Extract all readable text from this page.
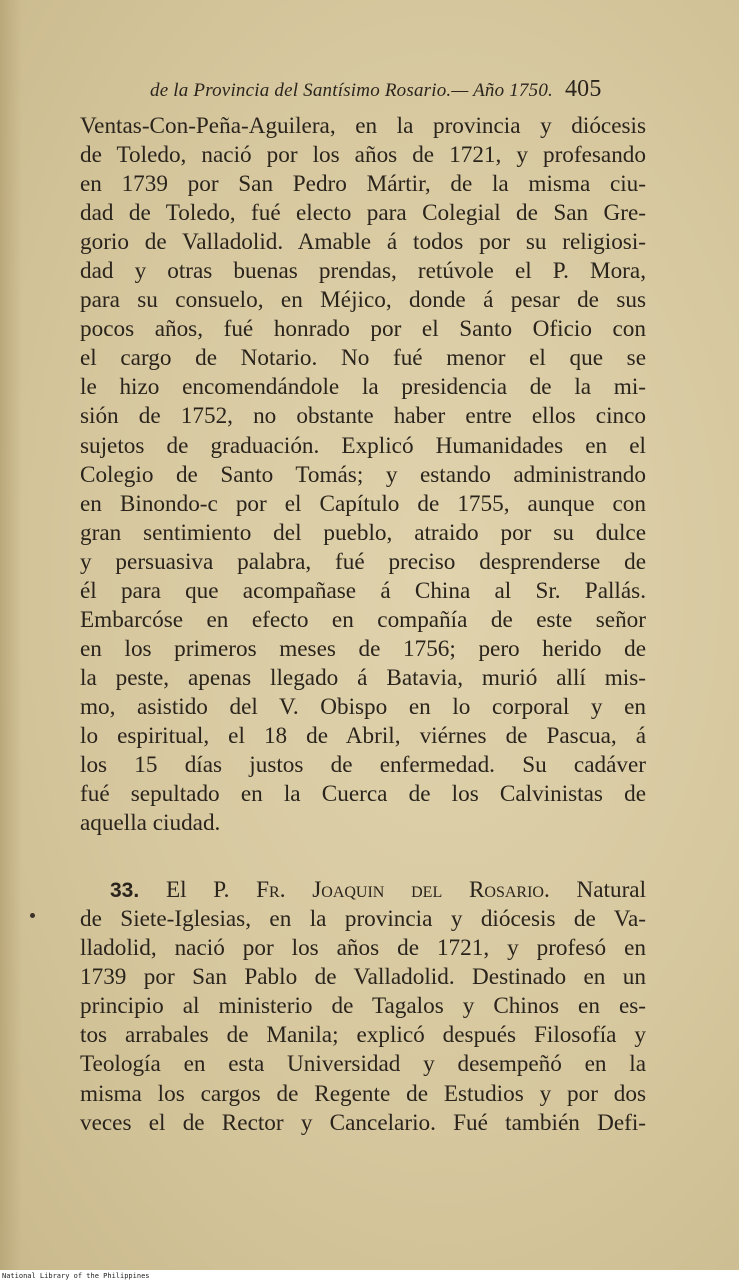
de la Provincia del Santísimo Rosario.— Año 1750. 405
Ventas-Con-Peña-Aguilera, en la provincia y diócesis
de Toledo, nació por los años de 1721, y profesando
en 1739 por San Pedro Mártir, de la misma ciu-
dad de Toledo, fué electo para Colegial de San Gre-
gorio de Valladolid. Amable á todos por su religiosi-
dad y otras buenas prendas, retúvole el P. Mora,
para su consuelo, en Méjico, donde á pesar de sus
pocos años, fué honrado por el Santo Oficio con
el cargo de Notario. No fué menor el que se
le hizo encomendándole la presidencia de la mi-
sión de 1752, no obstante haber entre ellos cinco
sujetos de graduación. Explicó Humanidades en el
Colegio de Santo Tomás; y estando administrando
en Binondo-c por el Capítulo de 1755, aunque con
gran sentimiento del pueblo, atraido por su dulce
y persuasiva palabra, fué preciso desprenderse de
él para que acompañase á China al Sr. Pallás.
Embarcóse en efecto en compañía de este señor
en los primeros meses de 1756; pero herido de
la peste, apenas llegado á Batavia, murió allí mis-
mo, asistido del V. Obispo en lo corporal y en
lo espiritual, el 18 de Abril, viérnes de Pascua, á
los 15 días justos de enfermedad. Su cadáver
fué sepultado en la Cuerca de los Calvinistas de
aquella ciudad.
33. El P. Fr. Joaquin del Rosario. Natural
de Siete-Iglesias, en la provincia y diócesis de Va-
lladolid, nació por los años de 1721, y profesó en
1739 por San Pablo de Valladolid. Destinado en un
principio al ministerio de Tagalos y Chinos en es-
tos arrabales de Manila; explicó después Filosofía y
Teología en esta Universidad y desempeñó en la
misma los cargos de Regente de Estudios y por dos
veces el de Rector y Cancelario. Fué también Defi-
National Library of the Philippines
